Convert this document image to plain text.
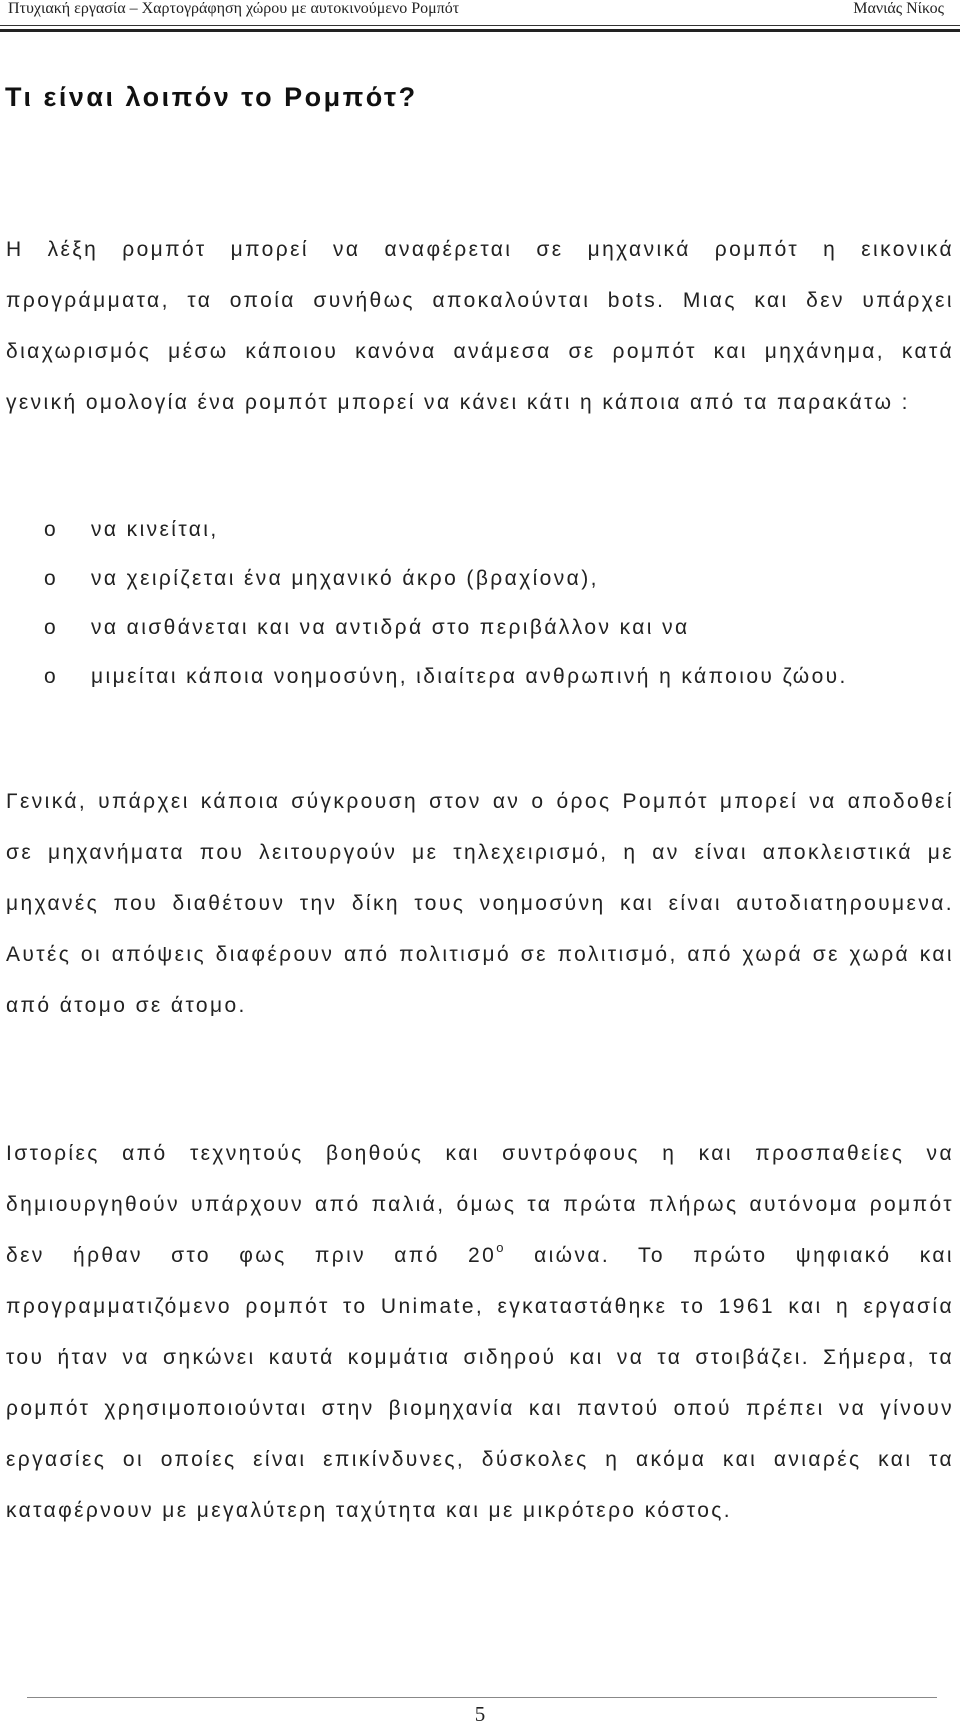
Πτυχιακή εργασία – Χαρτογράφηση χώρου με αυτοκινούμενο Ρομπότ	Μανιάς Νίκος
Τι είναι λοιπόν το Ρομπότ?

Η λέξη ρομπότ μπορεί να αναφέρεται σε μηχανικά ρομπότ η εικονικά προγράμματα, τα οποία συνήθως αποκαλούνται bots. Μιας και δεν υπάρχει διαχωρισμός μέσω κάποιου κανόνα ανάμεσα σε ρομπότ και μηχάνημα, κατά γενική ομολογία ένα ρομπότ μπορεί να κάνει κάτι η κάποια από τα παρακάτω :

o να κινείται,
o να χειρίζεται ένα μηχανικό άκρο (βραχίονα),
o να αισθάνεται και να αντιδρά στο περιβάλλον και να
o μιμείται κάποια νοημοσύνη, ιδιαίτερα ανθρωπινή η κάποιου ζώου.

Γενικά, υπάρχει κάποια σύγκρουση στον αν ο όρος Ρομπότ μπορεί να αποδοθεί σε μηχανήματα που λειτουργούν με τηλεχειρισμό, η αν είναι αποκλειστικά με μηχανές που διαθέτουν την δίκη τους νοημοσύνη και είναι αυτοδιατηρουμενα. Αυτές οι απόψεις διαφέρουν από πολιτισμό σε πολιτισμό, από χωρά σε χωρά και από άτομο σε άτομο.

Ιστορίες από τεχνητούς βοηθούς και συντρόφους η και προσπαθείες να δημιουργηθούν υπάρχουν από παλιά, όμως τα πρώτα πλήρως αυτόνομα ρομπότ δεν ήρθαν στο φως πριν από $20^o$ αιώνα. Το πρώτο ψηφιακό και προγραμματιζόμενο ρομπότ το Unimate, εγκαταστάθηκε το 1961 και η εργασία του ήταν να σηκώνει καυτά κομμάτια σιδηρού και να τα στοιβάζει. Σήμερα, τα ρομπότ χρησιμοποιούνται στην βιομηχανία και παντού οπού πρέπει να γίνουν εργασίες οι οποίες είναι επικίνδυνες, δύσκολες η ακόμα και ανιαρές και τα καταφέρνουν με μεγαλύτερη ταχύτητα και με μικρότερο κόστος.

5
